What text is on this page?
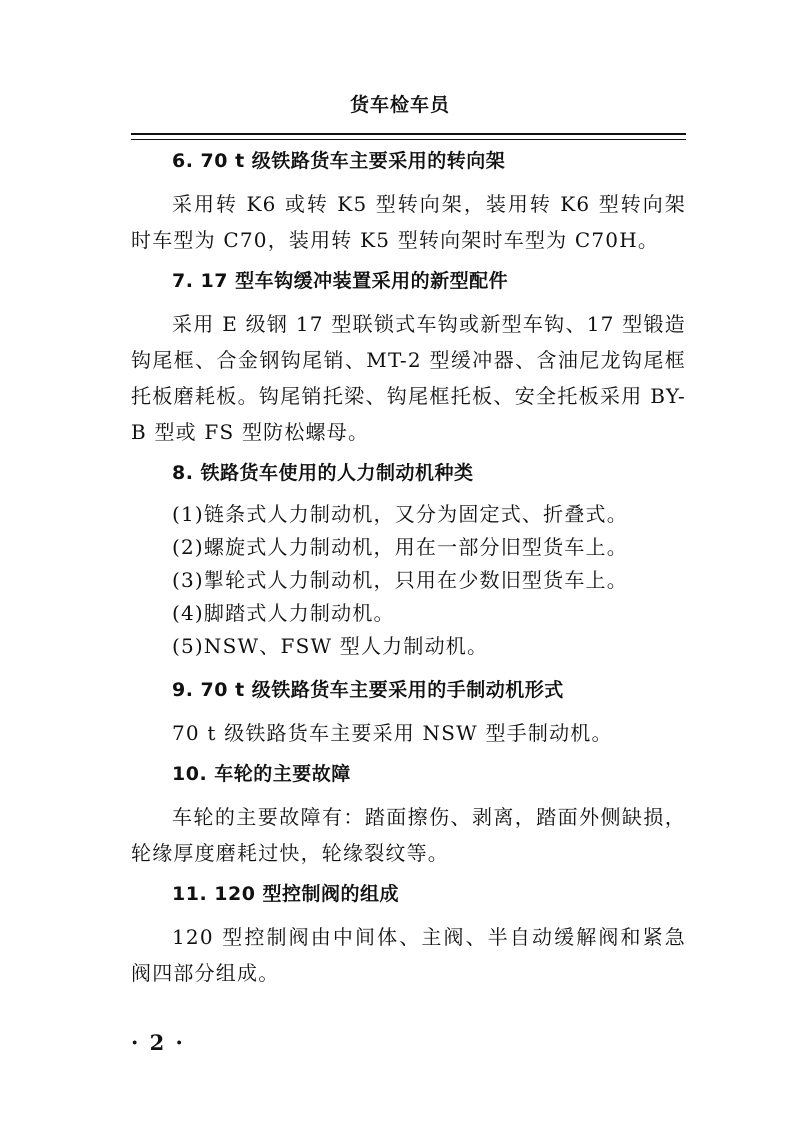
货车检车员
6. 70 t 级铁路货车主要采用的转向架

采用转 K6 或转 K5 型转向架，装用转 K6 型转向架时车型为 C70，装用转 K5 型转向架时车型为 C70H。

7. 17 型车钩缓冲装置采用的新型配件

采用 E 级钢 17 型联锁式车钩或新型车钩、17 型锻造钩尾框、合金钢钩尾销、MT-2 型缓冲器、含油尼龙钩尾框托板磨耗板。钩尾销托梁、钩尾框托板、安全托板采用 BY-B 型或 FS 型防松螺母。

8. 铁路货车使用的人力制动机种类

(1)链条式人力制动机，又分为固定式、折叠式。

(2)螺旋式人力制动机，用在一部分旧型货车上。

(3)掣轮式人力制动机，只用在少数旧型货车上。

(4)脚踏式人力制动机。

(5)NSW、FSW 型人力制动机。

9. 70 t 级铁路货车主要采用的手制动机形式

70 t 级铁路货车主要采用 NSW 型手制动机。

10. 车轮的主要故障

车轮的主要故障有：踏面擦伤、剥离，踏面外侧缺损，轮缘厚度磨耗过快，轮缘裂纹等。

11. 120 型控制阀的组成

120 型控制阀由中间体、主阀、半自动缓解阀和紧急阀四部分组成。

· 2 ·
